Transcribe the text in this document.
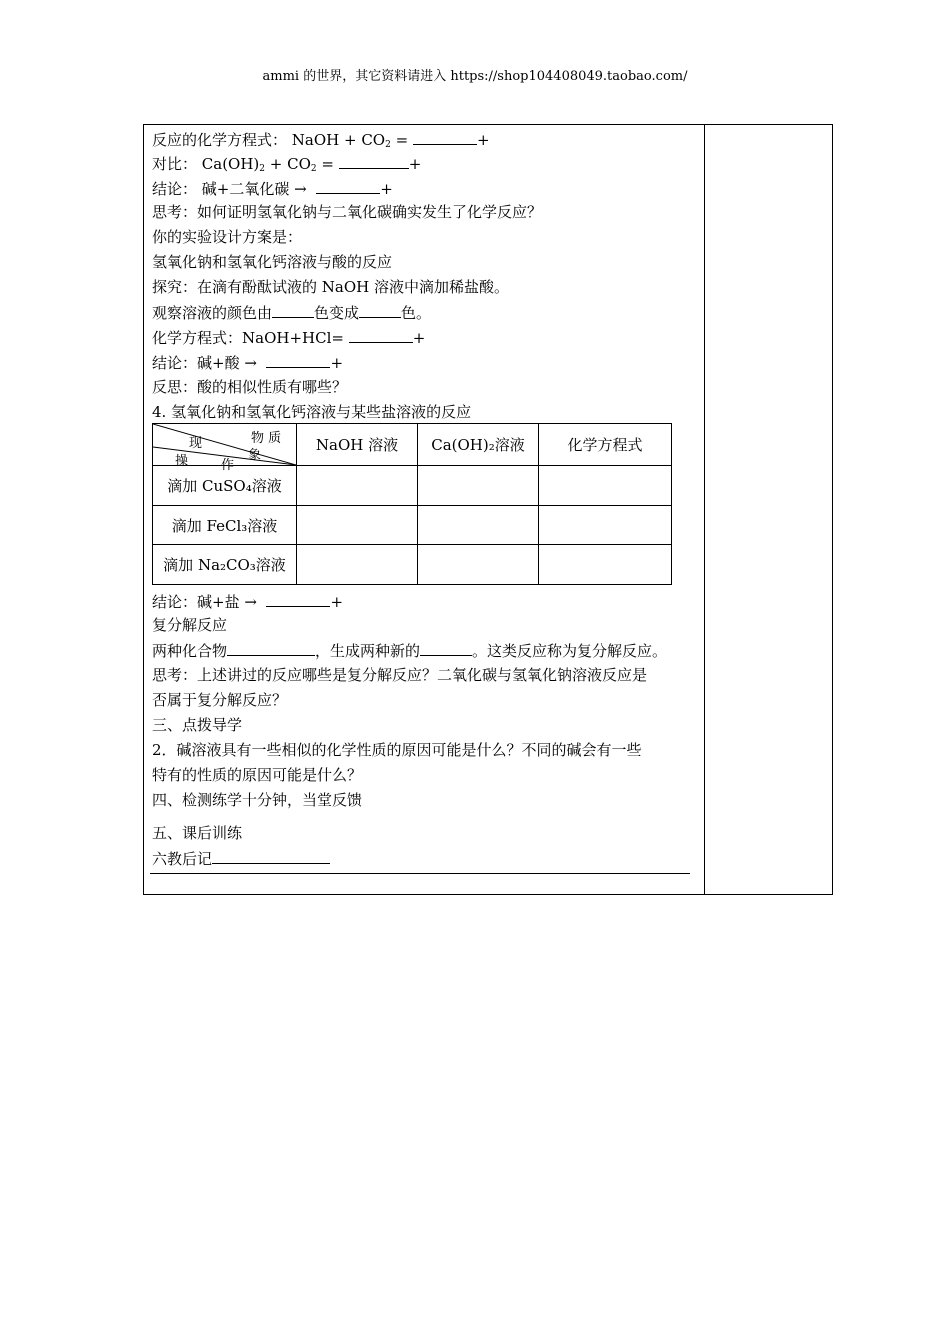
ammi 的世界，其它资料请进入 https://shop104408049.taobao.com/
反应的化学方程式： NaOH + $CO_2$ =	+
对比： $Ca(OH)_2 + CO_2$ =	+
结论： 碱+二氧化碳 →	+
思考：如何证明氢氧化钠与二氧化碳确实发生了化学反应？
你的实验设计方案是：
氢氧化钠和氢氧化钙溶液与酸的反应
探究：在滴有酚酞试液的 NaOH 溶液中滴加稀盐酸。
观察溶液的颜色由	色变成	色。
化学方程式：NaOH+HCl=	+
结论：碱+酸 →	+
反思：酸的相似性质有哪些？
4. 氢氧化钠和氢氧化钙溶液与某些盐溶液的反应
物 质
现
象
操 作	NaOH 溶液	Ca(OH)₂溶液	化学方程式
滴加 CuSO₄溶液			
滴加 FeCl₃溶液			
滴加 Na₂CO₃溶液			
结论：碱+盐 →	+
复分解反应
两种化合物	，生成两种新的	。这类反应称为复分解反应。
思考：上述讲过的反应哪些是复分解反应？二氧化碳与氢氧化钠溶液反应是
否属于复分解反应？
三、点拨导学
2．碱溶液具有一些相似的化学性质的原因可能是什么？不同的碱会有一些
特有的性质的原因可能是什么？
四、检测练学十分钟，当堂反馈
五、课后训练
六教后记
